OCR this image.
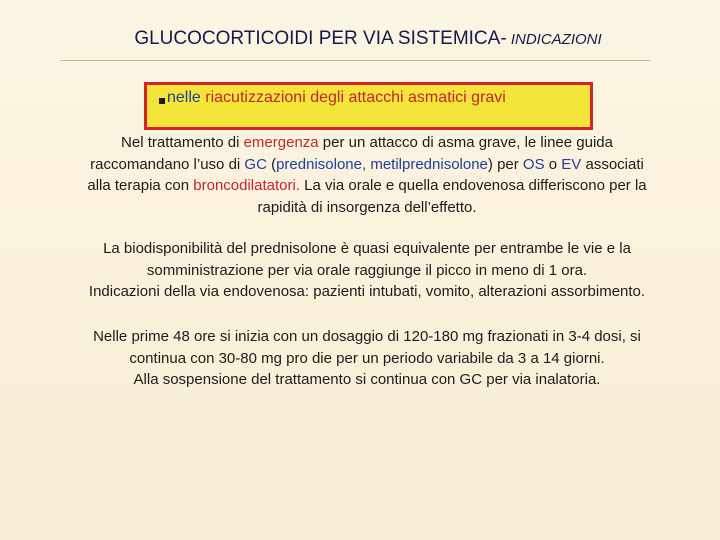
GLUCOCORTICOIDI PER VIA SISTEMICA- INDICAZIONI
nelle riacutizzazioni degli attacchi asmatici gravi
Nel trattamento di emergenza per un attacco di asma grave, le linee guida
raccomandano l’uso di GC (prednisolone, metilprednisolone) per OS o EV associati
alla terapia con broncodilatatori. La via orale e quella endovenosa differiscono per la
rapidità di insorgenza dell’effetto.
La biodisponibilità del prednisolone è quasi equivalente per entrambe le vie e la
somministrazione per via orale raggiunge il picco in meno di 1 ora.
Indicazioni della via endovenosa: pazienti intubati, vomito, alterazioni assorbimento.
Nelle prime 48 ore si inizia con un dosaggio di 120-180 mg frazionati in 3-4 dosi, si
continua con 30-80 mg pro die per un periodo variabile da 3 a 14 giorni.
Alla sospensione del trattamento si continua con GC per via inalatoria.
